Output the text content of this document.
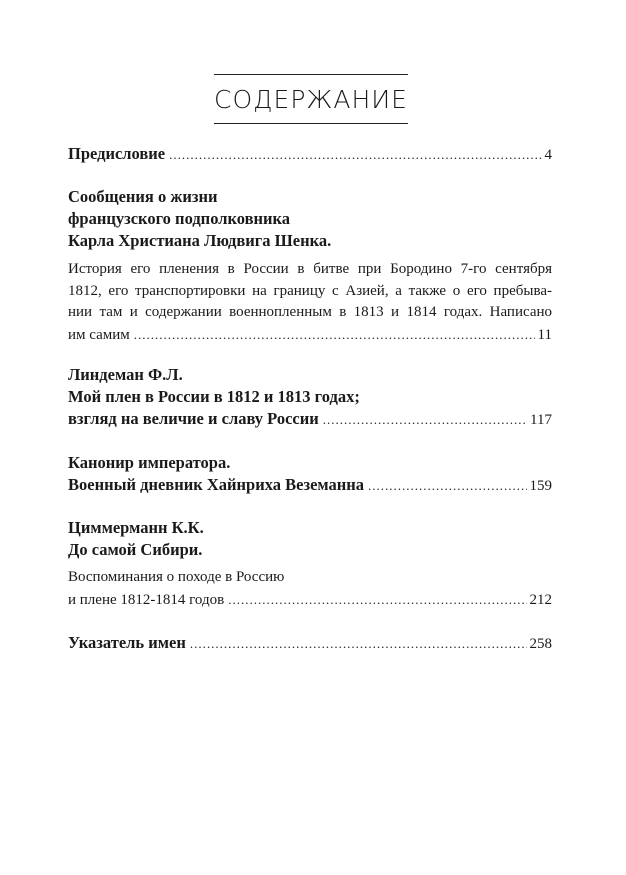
СОДЕРЖАНИЕ
Предисловие .....	4
Сообщения о жизни
французского подполковника
Карла Христиана Людвига Шенка.
История его пленения в России в битве при Бородино 7-го сентября
1812, его транспортировки на границу с Азией, а также о его пребыва-
нии там и содержании военнопленным в 1813 и 1814 годах. Написано
им самим .....	11
Линдеман Ф.Л.
Мой плен в России в 1812 и 1813 годах;
взгляд на величие и славу России .....	117
Канонир императора.
Военный дневник Хайнриха Веземанна .....	159
Циммерманн К.К.
До самой Сибири.
Воспоминания о походе в Россию
и плене 1812-1814 годов .....	212
Указатель имен .....	258
